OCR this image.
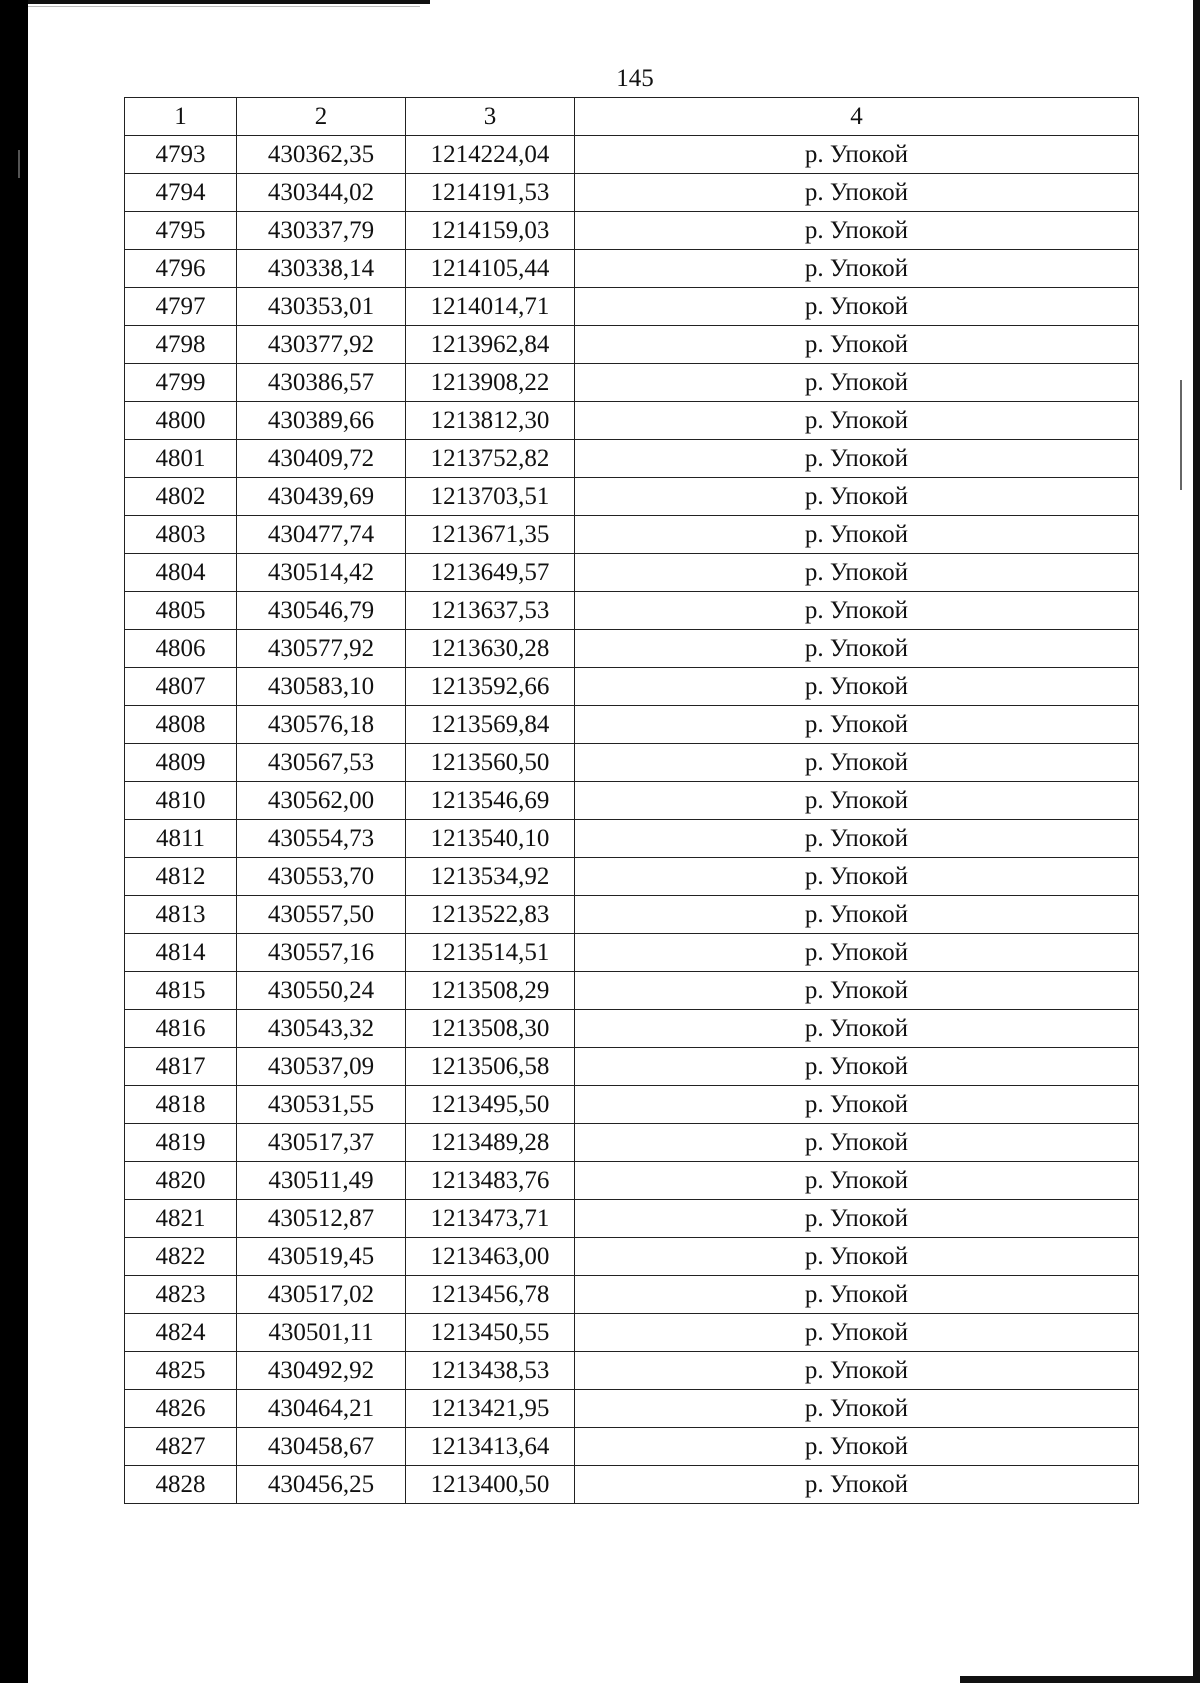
145
1	2	3	4
4793	430362,35	1214224,04	р. Упокой
4794	430344,02	1214191,53	р. Упокой
4795	430337,79	1214159,03	р. Упокой
4796	430338,14	1214105,44	р. Упокой
4797	430353,01	1214014,71	р. Упокой
4798	430377,92	1213962,84	р. Упокой
4799	430386,57	1213908,22	р. Упокой
4800	430389,66	1213812,30	р. Упокой
4801	430409,72	1213752,82	р. Упокой
4802	430439,69	1213703,51	р. Упокой
4803	430477,74	1213671,35	р. Упокой
4804	430514,42	1213649,57	р. Упокой
4805	430546,79	1213637,53	р. Упокой
4806	430577,92	1213630,28	р. Упокой
4807	430583,10	1213592,66	р. Упокой
4808	430576,18	1213569,84	р. Упокой
4809	430567,53	1213560,50	р. Упокой
4810	430562,00	1213546,69	р. Упокой
4811	430554,73	1213540,10	р. Упокой
4812	430553,70	1213534,92	р. Упокой
4813	430557,50	1213522,83	р. Упокой
4814	430557,16	1213514,51	р. Упокой
4815	430550,24	1213508,29	р. Упокой
4816	430543,32	1213508,30	р. Упокой
4817	430537,09	1213506,58	р. Упокой
4818	430531,55	1213495,50	р. Упокой
4819	430517,37	1213489,28	р. Упокой
4820	430511,49	1213483,76	р. Упокой
4821	430512,87	1213473,71	р. Упокой
4822	430519,45	1213463,00	р. Упокой
4823	430517,02	1213456,78	р. Упокой
4824	430501,11	1213450,55	р. Упокой
4825	430492,92	1213438,53	р. Упокой
4826	430464,21	1213421,95	р. Упокой
4827	430458,67	1213413,64	р. Упокой
4828	430456,25	1213400,50	р. Упокой
